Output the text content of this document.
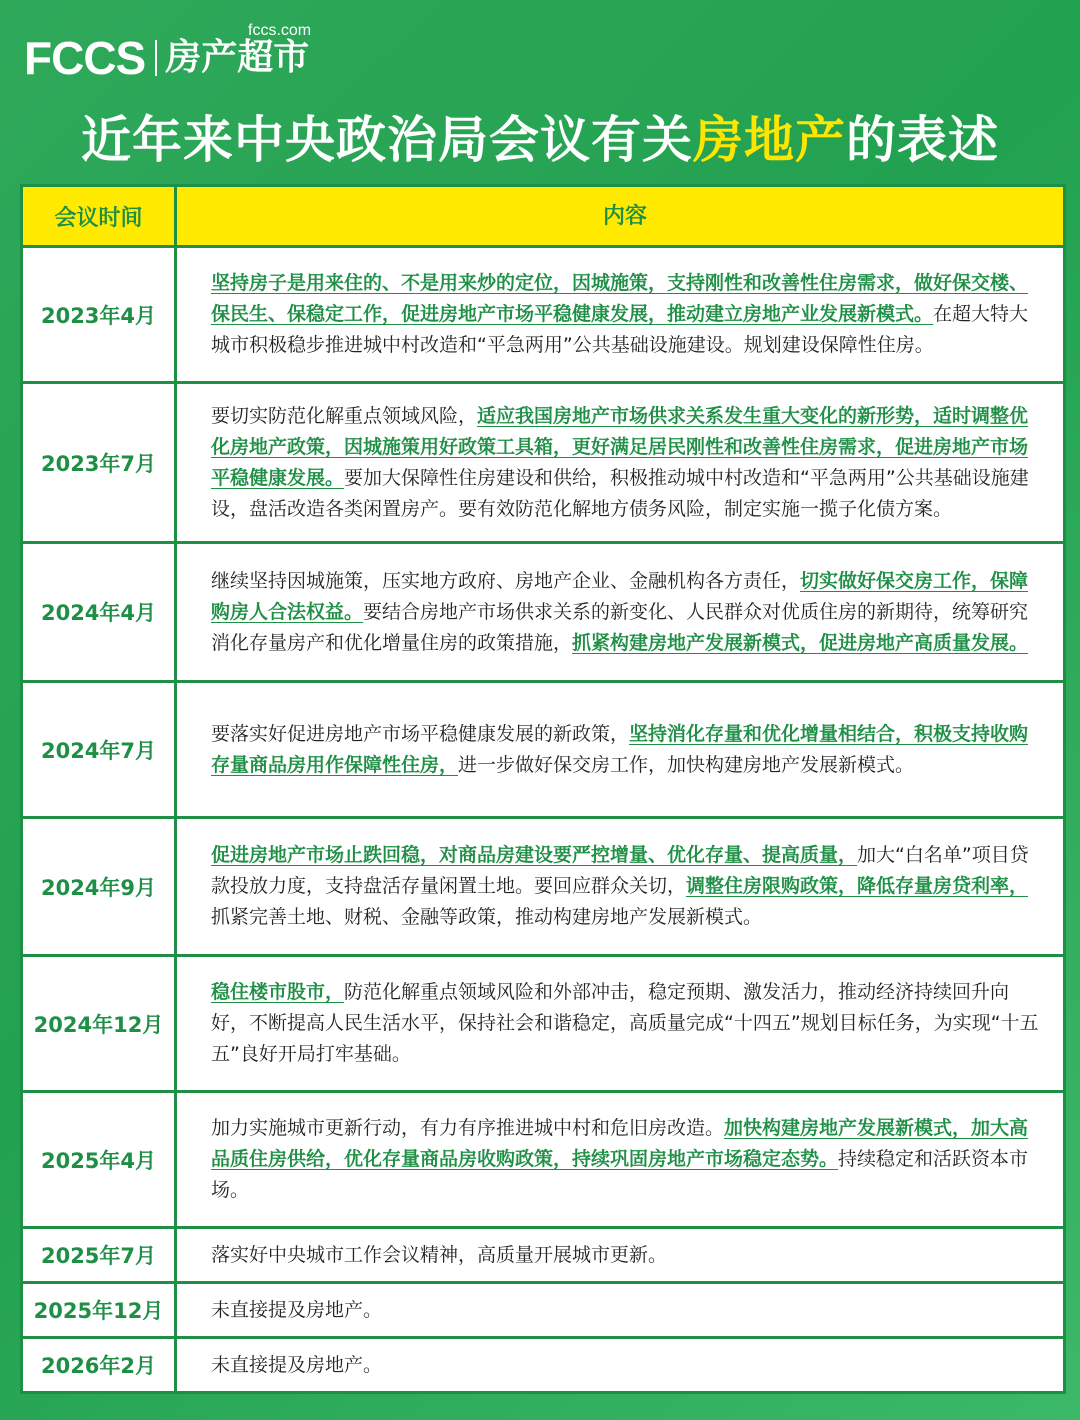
FCCS 房产超市
fccs.com
近年来中央政治局会议有关房地产的表述
会议时间	内容
2023年4月
坚持房子是用来住的、不是用来炒的定位，因城施策，支持刚性和改善性住房需求，做好保交楼、保民生、保稳定工作，促进房地产市场平稳健康发展，推动建立房地产业发展新模式。在超大特大城市积极稳步推进城中村改造和“平急两用”公共基础设施建设。规划建设保障性住房。
2023年7月
要切实防范化解重点领域风险，适应我国房地产市场供求关系发生重大变化的新形势，适时调整优化房地产政策，因城施策用好政策工具箱，更好满足居民刚性和改善性住房需求，促进房地产市场平稳健康发展。要加大保障性住房建设和供给，积极推动城中村改造和“平急两用”公共基础设施建设，盘活改造各类闲置房产。要有效防范化解地方债务风险，制定实施一揽子化债方案。
2024年4月
继续坚持因城施策，压实地方政府、房地产企业、金融机构各方责任，切实做好保交房工作，保障购房人合法权益。要结合房地产市场供求关系的新变化、人民群众对优质住房的新期待，统筹研究消化存量房产和优化增量住房的政策措施，抓紧构建房地产发展新模式，促进房地产高质量发展。
2024年7月
要落实好促进房地产市场平稳健康发展的新政策，坚持消化存量和优化增量相结合，积极支持收购存量商品房用作保障性住房，进一步做好保交房工作，加快构建房地产发展新模式。
2024年9月
促进房地产市场止跌回稳，对商品房建设要严控增量、优化存量、提高质量，加大“白名单”项目贷款投放力度，支持盘活存量闲置土地。要回应群众关切，调整住房限购政策，降低存量房贷利率，抓紧完善土地、财税、金融等政策，推动构建房地产发展新模式。
2024年12月
稳住楼市股市，防范化解重点领域风险和外部冲击，稳定预期、激发活力，推动经济持续回升向好，不断提高人民生活水平，保持社会和谐稳定，高质量完成“十四五”规划目标任务，为实现“十五五”良好开局打牢基础。
2025年4月
加力实施城市更新行动，有力有序推进城中村和危旧房改造。加快构建房地产发展新模式，加大高品质住房供给，优化存量商品房收购政策，持续巩固房地产市场稳定态势。持续稳定和活跃资本市场。
2025年7月	落实好中央城市工作会议精神，高质量开展城市更新。
2025年12月	未直接提及房地产。
2026年2月	未直接提及房地产。
